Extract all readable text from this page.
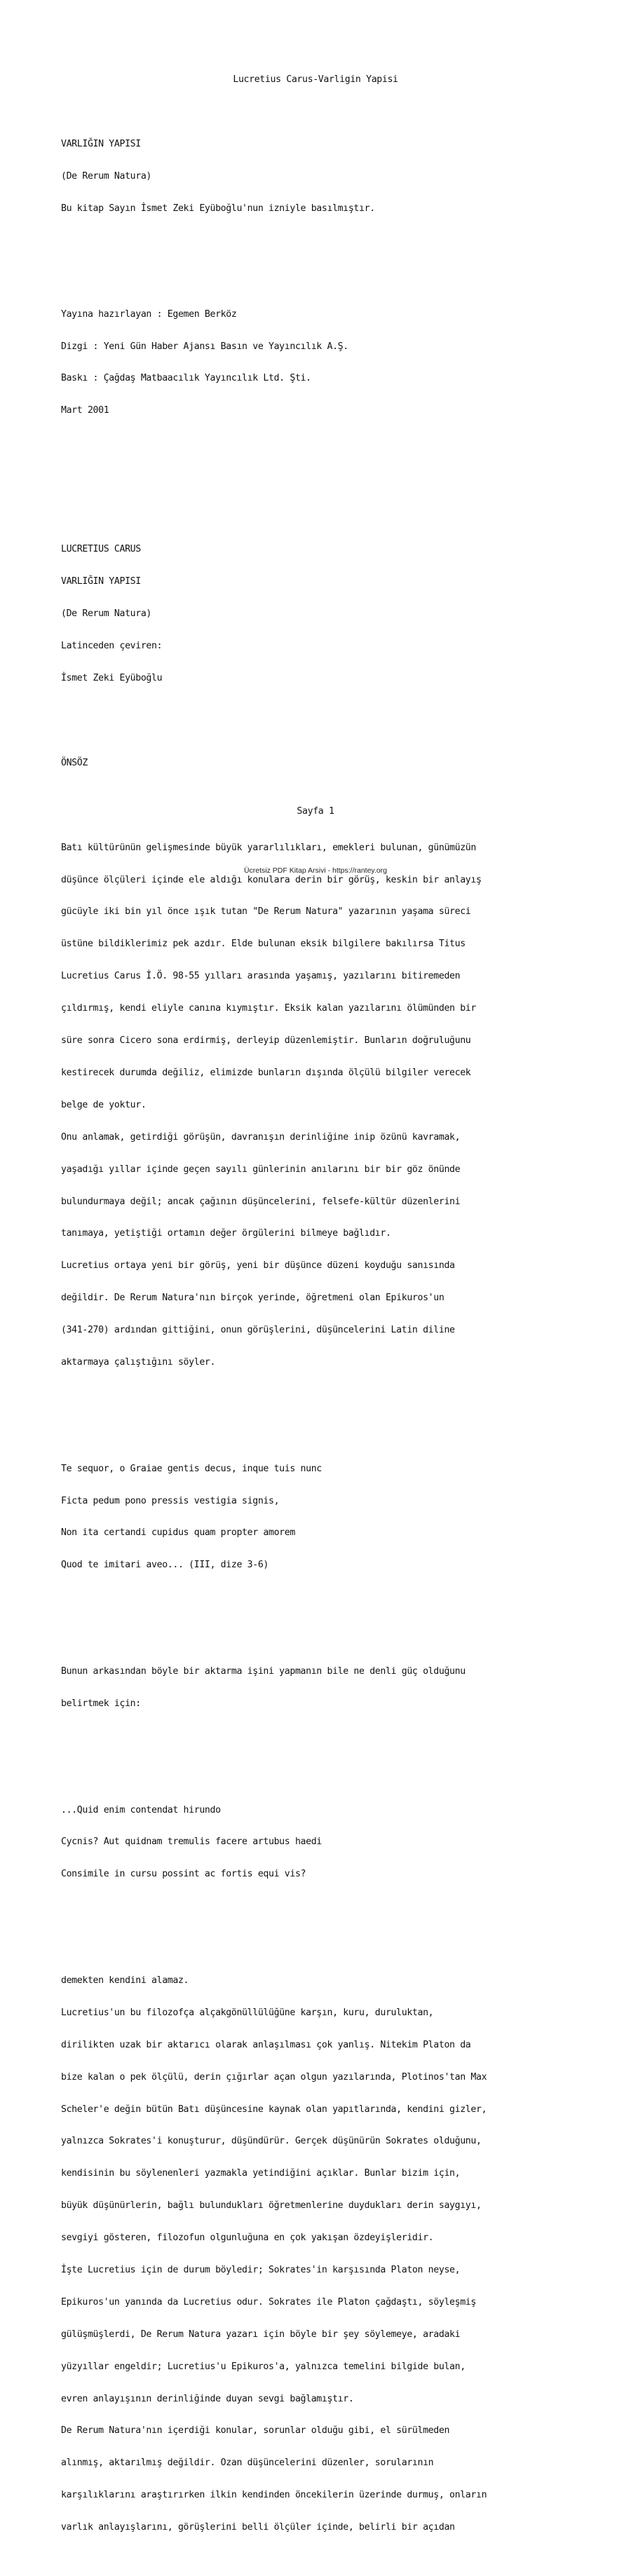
Lucretius Carus-Varligin Yapisi

VARLIĞIN YAPISI

(De Rerum Natura)

Bu kitap Sayın İsmet Zeki Eyüboğlu'nun izniyle basılmıştır.

Yayına hazırlayan : Egemen Berköz

Dizgi : Yeni Gün Haber Ajansı Basın ve Yayıncılık A.Ş.

Baskı : Çağdaş Matbaacılık Yayıncılık Ltd. Şti.

Mart 2001

LUCRETIUS CARUS

VARLIĞIN YAPISI

(De Rerum Natura)

Latinceden çeviren:

İsmet Zeki Eyüboğlu

ÖNSÖZ

Batı kültürünün gelişmesinde büyük yararlılıkları, emekleri bulunan, günümüzün

düşünce ölçüleri içinde ele aldığı konulara derin bir görüş, keskin bir anlayış

gücüyle iki bin yıl önce ışık tutan "De Rerum Natura" yazarının yaşama süreci

üstüne bildiklerimiz pek azdır. Elde bulunan eksik bilgilere bakılırsa Titus

Lucretius Carus İ.Ö. 98-55 yılları arasında yaşamış, yazılarını bitiremeden

çıldırmış, kendi eliyle canına kıymıştır. Eksik kalan yazılarını ölümünden bir

süre sonra Cicero sona erdirmiş, derleyip düzenlemiştir. Bunların doğruluğunu

kestirecek durumda değiliz, elimizde bunların dışında ölçülü bilgiler verecek

belge de yoktur.

Onu anlamak, getirdiği görüşün, davranışın derinliğine inip özünü kavramak,

yaşadığı yıllar içinde geçen sayılı günlerinin anılarını bir bir göz önünde

bulundurmaya değil; ancak çağının düşüncelerini, felsefe-kültür düzenlerini

tanımaya, yetiştiği ortamın değer örgülerini bilmeye bağlıdır.

Lucretius ortaya yeni bir görüş, yeni bir düşünce düzeni koyduğu sanısında

değildir. De Rerum Natura'nın birçok yerinde, öğretmeni olan Epikuros'un

(341-270) ardından gittiğini, onun görüşlerini, düşüncelerini Latin diline

aktarmaya çalıştığını söyler.

Te sequor, o Graiae gentis decus, inque tuis nunc

Ficta pedum pono pressis vestigia signis,

Non ita certandi cupidus quam propter amorem

Quod te imitari aveo... (III, dize 3-6)

Bunun arkasından böyle bir aktarma işini yapmanın bile ne denli güç olduğunu

belirtmek için:

...Quid enim contendat hirundo

Cycnis? Aut quidnam tremulis facere artubus haedi

Consimile in cursu possint ac fortis equi vis?

demekten kendini alamaz.

Lucretius'un bu filozofça alçakgönüllülüğüne karşın, kuru, duruluktan,

dirilikten uzak bir aktarıcı olarak anlaşılması çok yanlış. Nitekim Platon da

bize kalan o pek ölçülü, derin çığırlar açan olgun yazılarında, Plotinos'tan Max

Scheler'e değin bütün Batı düşüncesine kaynak olan yapıtlarında, kendini gizler,

yalnızca Sokrates'i konuşturur, düşündürür. Gerçek düşünürün Sokrates olduğunu,

kendisinin bu söylenenleri yazmakla yetindiğini açıklar. Bunlar bizim için,

büyük düşünürlerin, bağlı bulundukları öğretmenlerine duydukları derin saygıyı,

sevgiyi gösteren, filozofun olgunluğuna en çok yakışan özdeyişleridir.

İşte Lucretius için de durum böyledir; Sokrates'in karşısında Platon neyse,

Epikuros'un yanında da Lucretius odur. Sokrates ile Platon çağdaştı, söyleşmiş

gülüşmüşlerdi, De Rerum Natura yazarı için böyle bir şey söylemeye, aradaki

yüzyıllar engeldir; Lucretius'u Epikuros'a, yalnızca temelini bilgide bulan,

evren anlayışının derinliğinde duyan sevgi bağlamıştır.

De Rerum Natura'nın içerdiği konular, sorunlar olduğu gibi, el sürülmeden

alınmış, aktarılmış değildir. Ozan düşüncelerini düzenler, sorularının

karşılıklarını araştırırken ilkin kendinden öncekilerin üzerinde durmuş, onların

varlık anlayışlarını, görüşlerini belli ölçüler içinde, belirli bir açıdan

Sayfa 1
Ücretsiz PDF Kitap Arsivi - https://rantey.org
